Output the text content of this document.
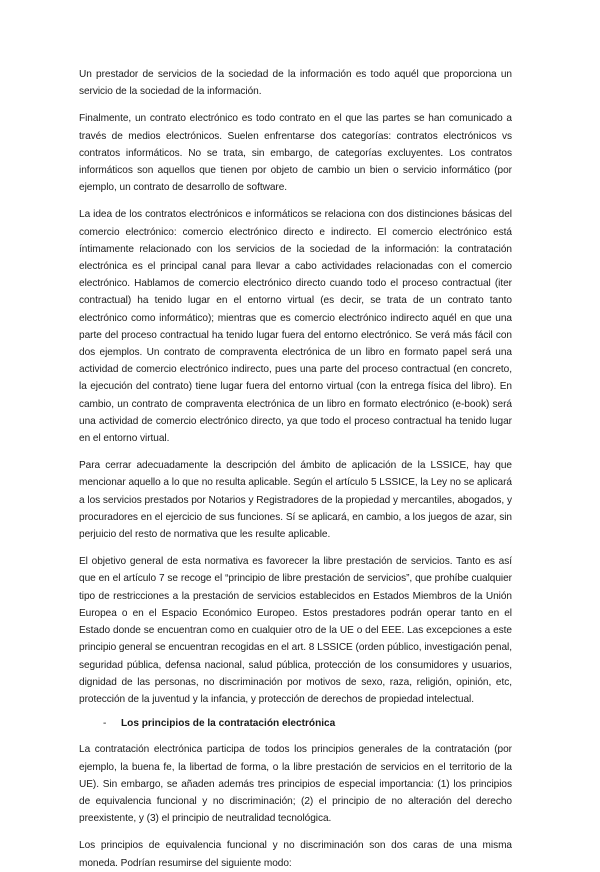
Un prestador de servicios de la sociedad de la información es todo aquél que proporciona un servicio de la sociedad de la información.

Finalmente, un contrato electrónico es todo contrato en el que las partes se han comunicado a través de medios electrónicos. Suelen enfrentarse dos categorías: contratos electrónicos vs contratos informáticos. No se trata, sin embargo, de categorías excluyentes. Los contratos informáticos son aquellos que tienen por objeto de cambio un bien o servicio informático (por ejemplo, un contrato de desarrollo de software.

La idea de los contratos electrónicos e informáticos se relaciona con dos distinciones básicas del comercio electrónico: comercio electrónico directo e indirecto. El comercio electrónico está íntimamente relacionado con los servicios de la sociedad de la información: la contratación electrónica es el principal canal para llevar a cabo actividades relacionadas con el comercio electrónico. Hablamos de comercio electrónico directo cuando todo el proceso contractual (iter contractual) ha tenido lugar en el entorno virtual (es decir, se trata de un contrato tanto electrónico como informático); mientras que es comercio electrónico indirecto aquél en que una parte del proceso contractual ha tenido lugar fuera del entorno electrónico. Se verá más fácil con dos ejemplos. Un contrato de compraventa electrónica de un libro en formato papel será una actividad de comercio electrónico indirecto, pues una parte del proceso contractual (en concreto, la ejecución del contrato) tiene lugar fuera del entorno virtual (con la entrega física del libro). En cambio, un contrato de compraventa electrónica de un libro en formato electrónico (e-book) será una actividad de comercio electrónico directo, ya que todo el proceso contractual ha tenido lugar en el entorno virtual.

Para cerrar adecuadamente la descripción del ámbito de aplicación de la LSSICE, hay que mencionar aquello a lo que no resulta aplicable. Según el artículo 5 LSSICE, la Ley no se aplicará a los servicios prestados por Notarios y Registradores de la propiedad y mercantiles, abogados, y procuradores en el ejercicio de sus funciones. Sí se aplicará, en cambio, a los juegos de azar, sin perjuicio del resto de normativa que les resulte aplicable.

El objetivo general de esta normativa es favorecer la libre prestación de servicios. Tanto es así que en el artículo 7 se recoge el “principio de libre prestación de servicios”, que prohíbe cualquier tipo de restricciones a la prestación de servicios establecidos en Estados Miembros de la Unión Europea o en el Espacio Económico Europeo. Estos prestadores podrán operar tanto en el Estado donde se encuentran como en cualquier otro de la UE o del EEE. Las excepciones a este principio general se encuentran recogidas en el art. 8 LSSICE (orden público, investigación penal, seguridad pública, defensa nacional, salud pública, protección de los consumidores y usuarios, dignidad de las personas, no discriminación por motivos de sexo, raza, religión, opinión, etc, protección de la juventud y la infancia, y protección de derechos de propiedad intelectual.

-	Los principios de la contratación electrónica

La contratación electrónica participa de todos los principios generales de la contratación (por ejemplo, la buena fe, la libertad de forma, o la libre prestación de servicios en el territorio de la UE). Sin embargo, se añaden además tres principios de especial importancia: (1) los principios de equivalencia funcional y no discriminación; (2) el principio de no alteración del derecho preexistente, y (3) el principio de neutralidad tecnológica.

Los principios de equivalencia funcional y no discriminación son dos caras de una misma moneda. Podrían resumirse del siguiente modo:
